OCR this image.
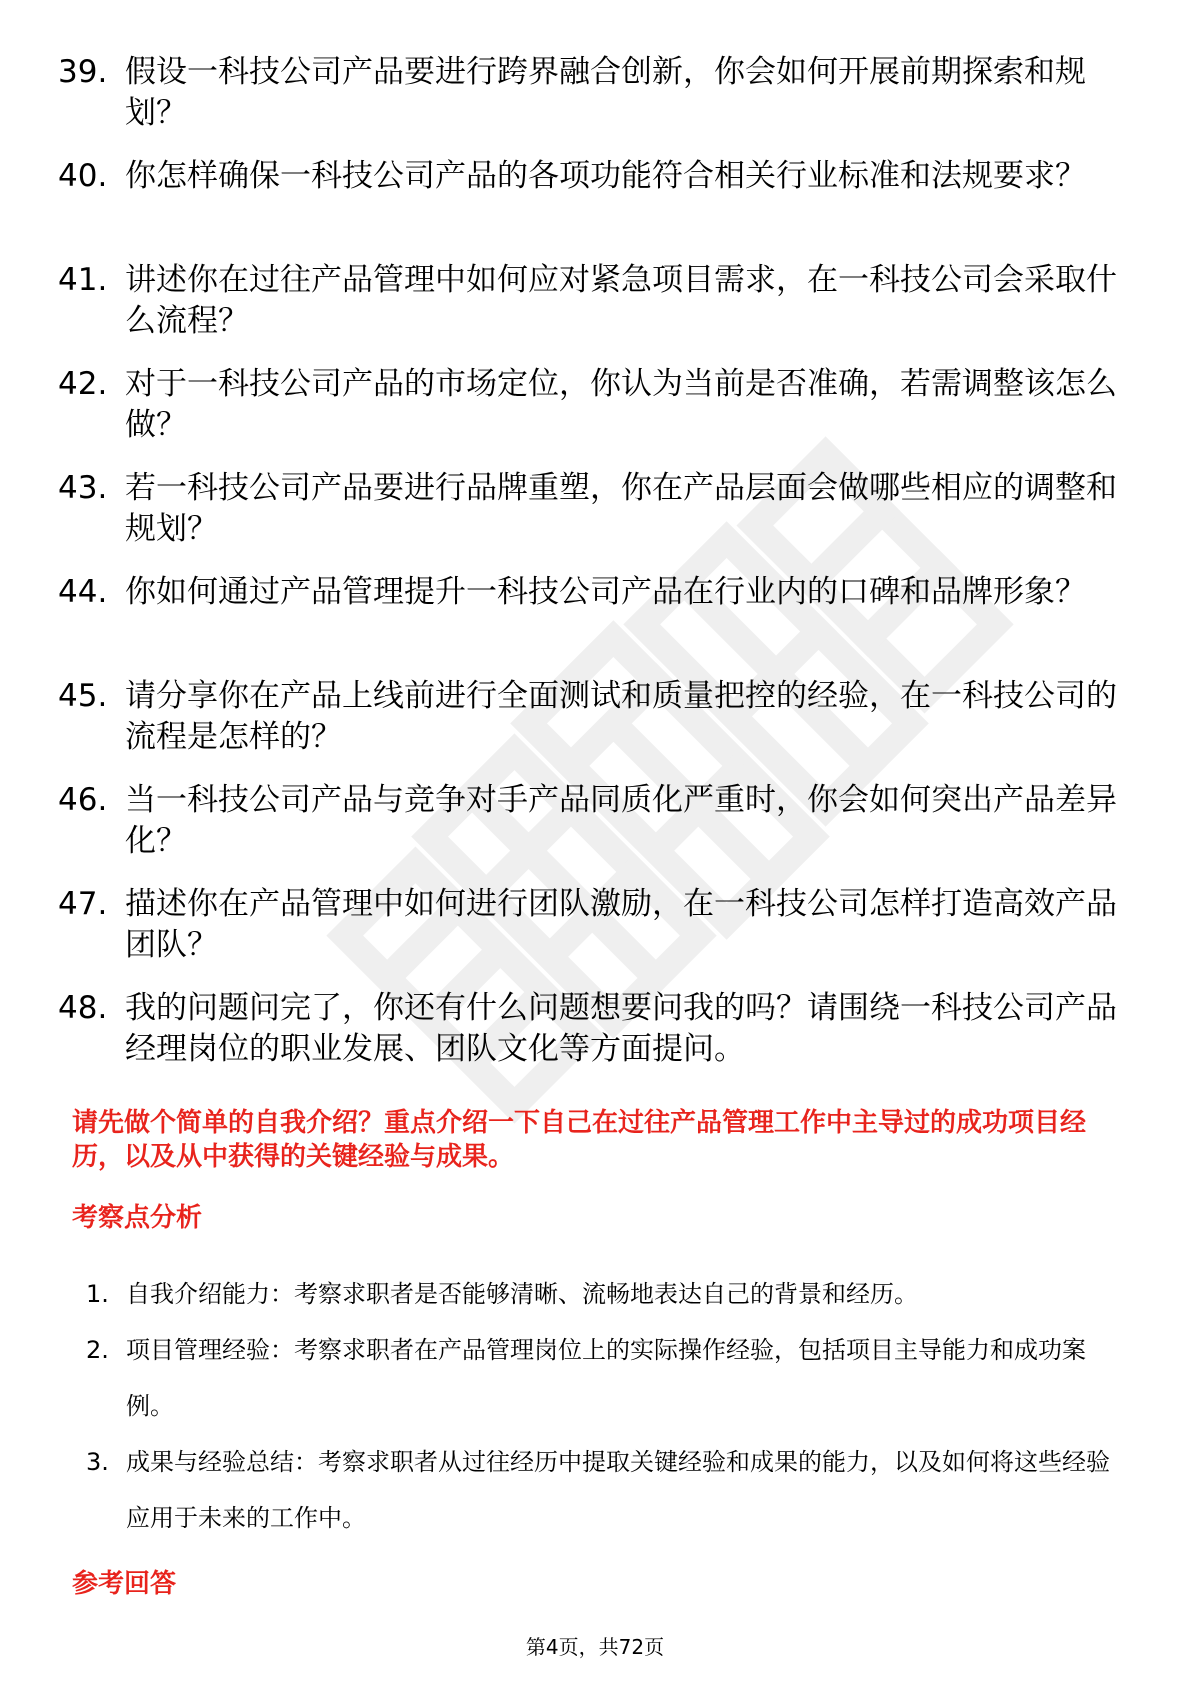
39. 假设一科技公司产品要进行跨界融合创新，你会如何开展前期探索和规划？
40. 你怎样确保一科技公司产品的各项功能符合相关行业标准和法规要求？
41. 讲述你在过往产品管理中如何应对紧急项目需求，在一科技公司会采取什么流程？
42. 对于一科技公司产品的市场定位，你认为当前是否准确，若需调整该怎么做？
43. 若一科技公司产品要进行品牌重塑，你在产品层面会做哪些相应的调整和规划？
44. 你如何通过产品管理提升一科技公司产品在行业内的口碑和品牌形象？
45. 请分享你在产品上线前进行全面测试和质量把控的经验，在一科技公司的流程是怎样的？
46. 当一科技公司产品与竞争对手产品同质化严重时，你会如何突出产品差异化？
47. 描述你在产品管理中如何进行团队激励，在一科技公司怎样打造高效产品团队？
48. 我的问题问完了，你还有什么问题想要问我的吗？请围绕一科技公司产品经理岗位的职业发展、团队文化等方面提问。
请先做个简单的自我介绍？重点介绍一下自己在过往产品管理工作中主导过的成功项目经历，以及从中获得的关键经验与成果。
考察点分析
1. 自我介绍能力：考察求职者是否能够清晰、流畅地表达自己的背景和经历。
2. 项目管理经验：考察求职者在产品管理岗位上的实际操作经验，包括项目主导能力和成功案例。
3. 成果与经验总结：考察求职者从过往经历中提取关键经验和成果的能力，以及如何将这些经验应用于未来的工作中。
参考回答
第4页，共72页
